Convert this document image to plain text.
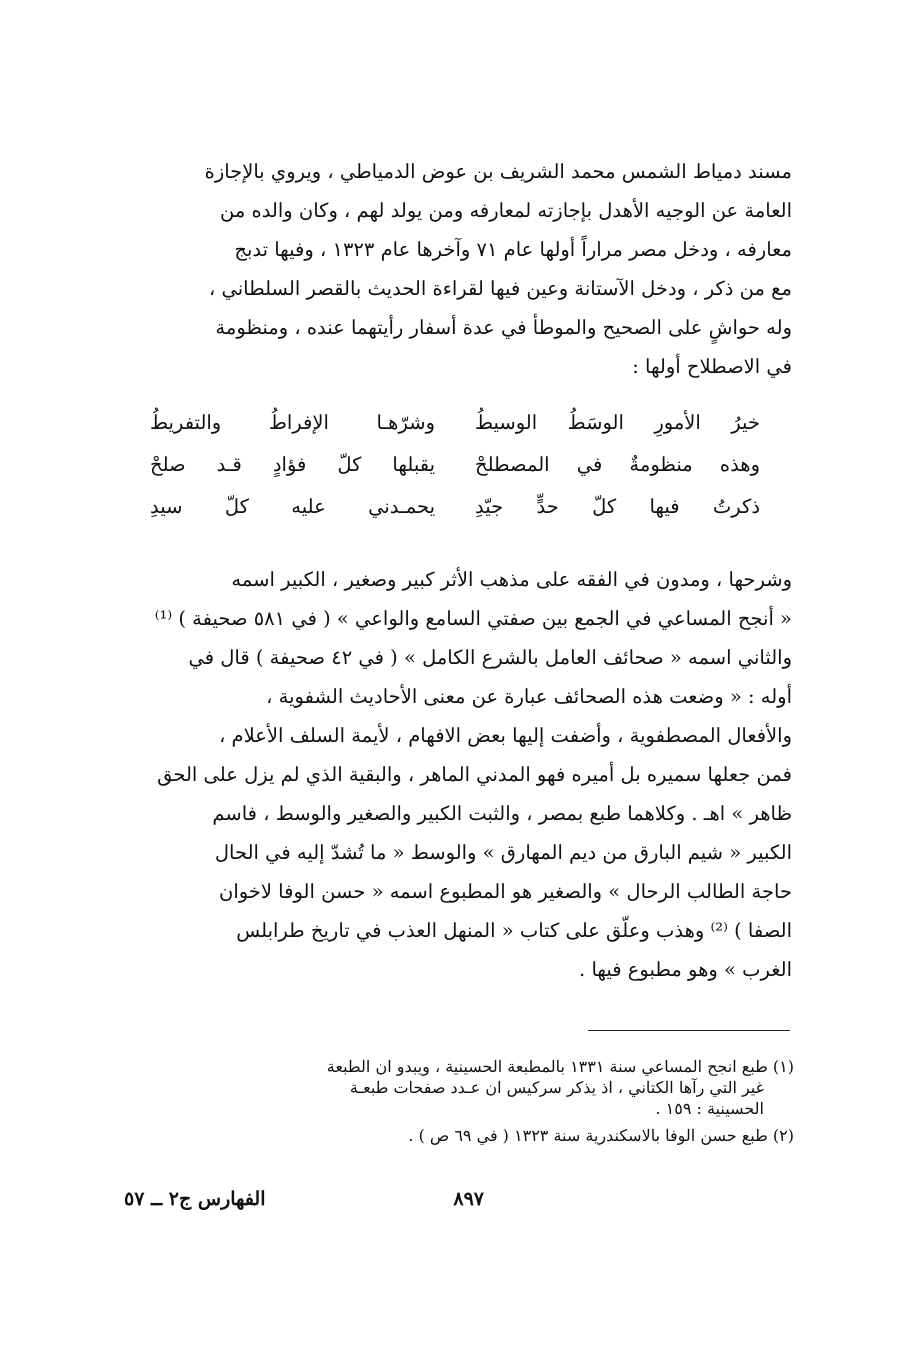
مسند دمياط الشمس محمد الشريف بن عوض الدمياطي ، ويروي بالإجازة
العامة عن الوجيه الأهدل بإجازته لمعارفه ومن يولد لهم ، وكان والده من
معارفه ، ودخل مصر مراراً أولها عام ٧١ وآخرها عام ١٣٢٣ ، وفيها تدبج
مع من ذكر ، ودخل الآستانة وعين فيها لقراءة الحديث بالقصر السلطاني ،
وله حواشٍ على الصحيح والموطأ في عدة أسفار رأيتهما عنده ، ومنظومة
في الاصطلاح أولها :
خيرُ الأمورِ الوسَطُ الوسيطُ
وشرّهـا الإفراطُ والتفريطُ
وهذه منظومةٌ في المصطلحْ
يقبلها كلّ فؤادٍ قـد صلحْ
ذكرتُ فيها كلّ حدٍّ جيّدِ
يحمـدني عليه كلّ سيدِ
وشرحها ، ومدون في الفقه على مذهب الأثر كبير وصغير ، الكبير اسمه
« أنجح المساعي في الجمع بين صفتي السامع والواعي » ( في ٥٨١ صحيفة ) ⁽¹⁾
والثاني اسمه « صحائف العامل بالشرع الكامل » ( في ٤٢ صحيفة ) قال في
أوله : « وضعت هذه الصحائف عبارة عن معنى الأحاديث الشفوية ،
والأفعال المصطفوية ، وأضفت إليها بعض الافهام ، لأيمة السلف الأعلام ،
فمن جعلها سميره بل أميره فهو المدني الماهر ، والبقية الذي لم يزل على الحق
ظاهر » اهـ . وكلاهما طبع بمصر ، والثبت الكبير والصغير والوسط ، فاسم
الكبير « شيم البارق من ديم المهارق » والوسط « ما تُشدّ إليه في الحال
حاجة الطالب الرحال » والصغير هو المطبوع اسمه « حسن الوفا لاخوان
الصفا ) ⁽²⁾ وهذب وعلّق على كتاب « المنهل العذب في تاريخ طرابلس
الغرب » وهو مطبوع فيها .
(١) طبع انجح المساعي سنة ١٣٣١ بالمطبعة الحسينية ، ويبدو ان الطبعة
غير التي رآها الكتاني ، اذ يذكر سركيس ان عـدد صفحات طبعـة
الحسينية : ١٥٩ .
(٢) طبع حسن الوفا بالاسكندرية سنة ١٣٢٣ ( في ٦٩ ص ) .
٨٩٧
الفهارس ج٢ ــ ٥٧
